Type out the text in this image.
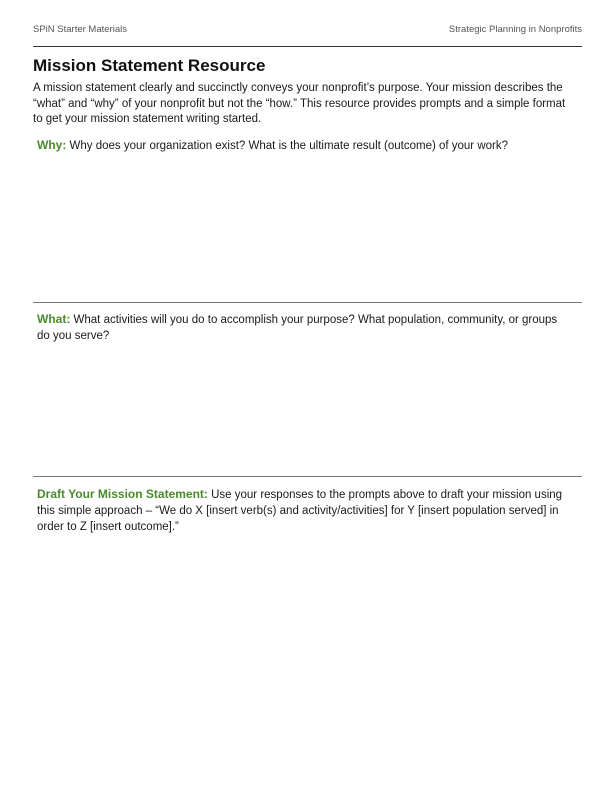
SPiN Starter Materials	Strategic Planning in Nonprofits
Mission Statement Resource

A mission statement clearly and succinctly conveys your nonprofit’s purpose. Your mission describes the “what” and “why” of your nonprofit but not the “how.” This resource provides prompts and a simple format to get your mission statement writing started.

Why: Why does your organization exist? What is the ultimate result (outcome) of your work?

What: What activities will you do to accomplish your purpose? What population, community, or groups do you serve?

Draft Your Mission Statement: Use your responses to the prompts above to draft your mission using this simple approach – “We do X [insert verb(s) and activity/activities] for Y [insert population served] in order to Z [insert outcome].”
